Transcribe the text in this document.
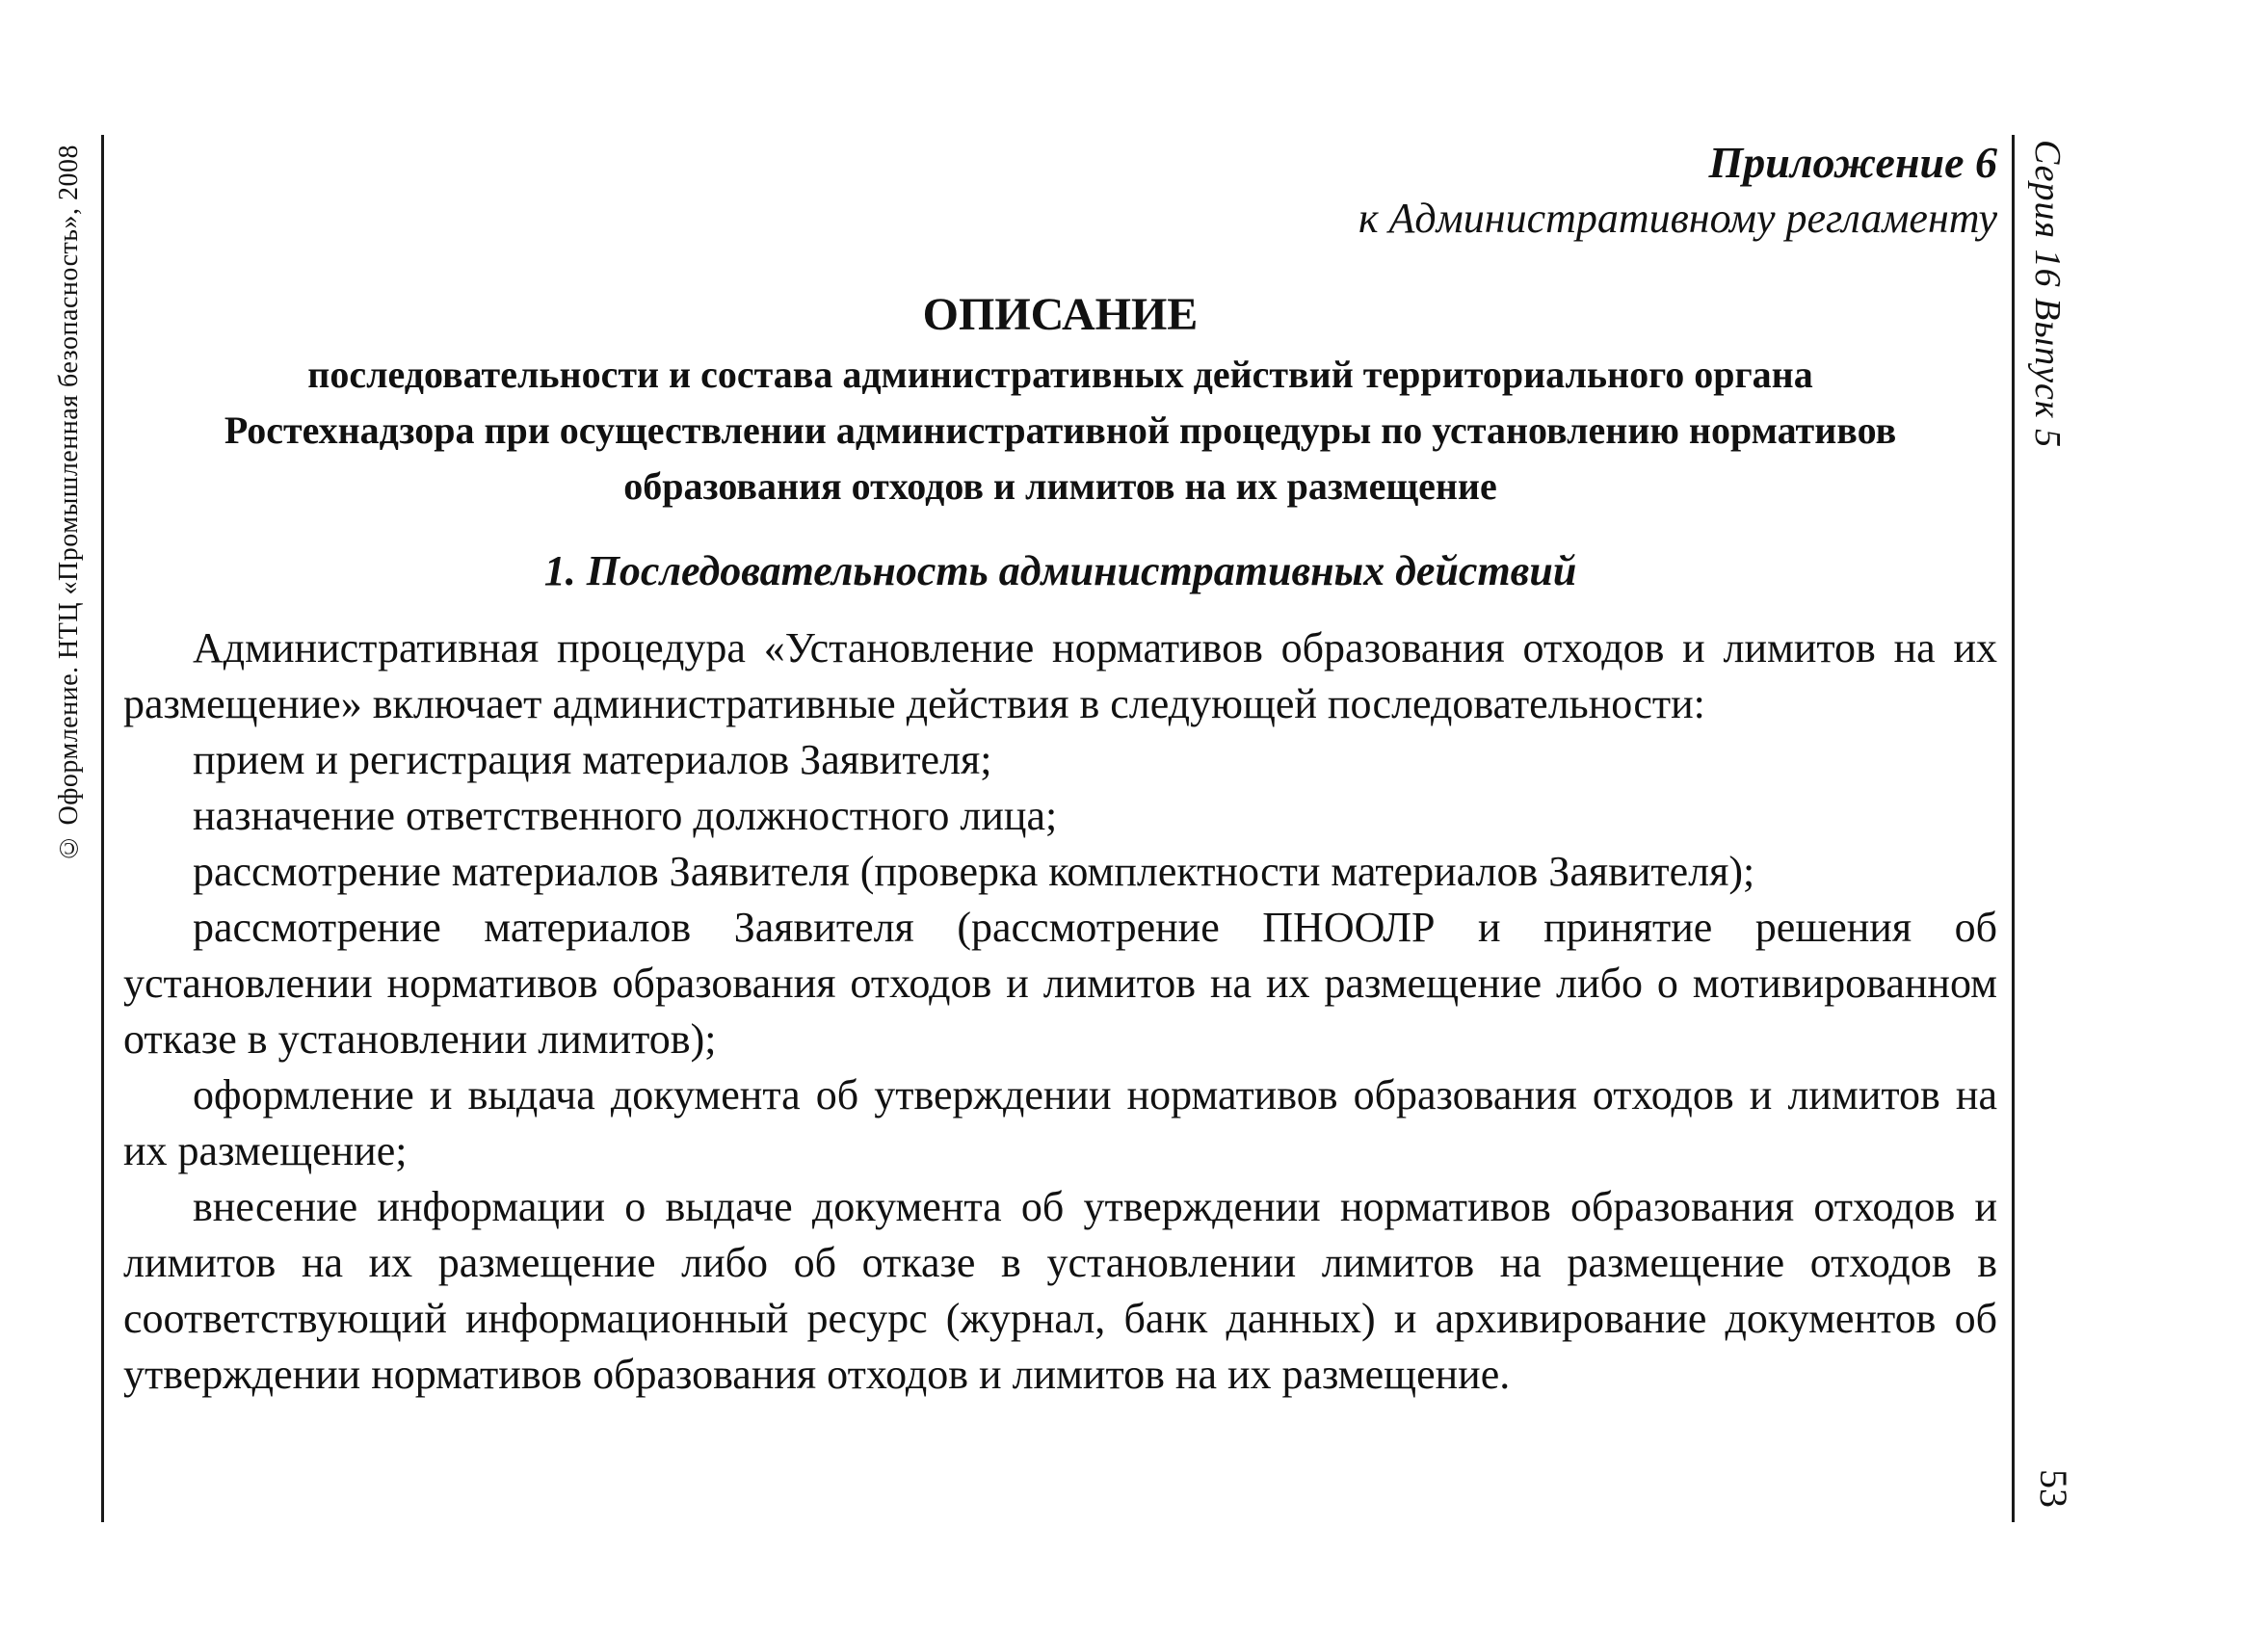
© Оформление. НТЦ «Промышленная безопасность», 2008	Серия 16 Выпуск 5
53

Приложение 6

к Административному регламенту

ОПИСАНИЕ

последовательности и состава административных действий территориального органа Ростехнадзора при осуществлении административной процедуры по установлению нормативов образования отходов и лимитов на их размещение

1. Последовательность административных действий

Административная процедура «Установление нормативов образования отходов и лимитов на их размещение» включает административные действия в следующей последовательности:

прием и регистрация материалов Заявителя;

назначение ответственного должностного лица;

рассмотрение материалов Заявителя (проверка комплектности материалов Заявителя);

рассмотрение материалов Заявителя (рассмотрение ПНООЛР и принятие решения об установлении нормативов образования отходов и лимитов на их размещение либо о мотивированном отказе в установлении лимитов);

оформление и выдача документа об утверждении нормативов образования отходов и лимитов на их размещение;

внесение информации о выдаче документа об утверждении нормативов образования отходов и лимитов на их размещение либо об отказе в установлении лимитов на размещение отходов в соответствующий информационный ресурс (журнал, банк данных) и архивирование документов об утверждении нормативов образования отходов и лимитов на их размещение.
